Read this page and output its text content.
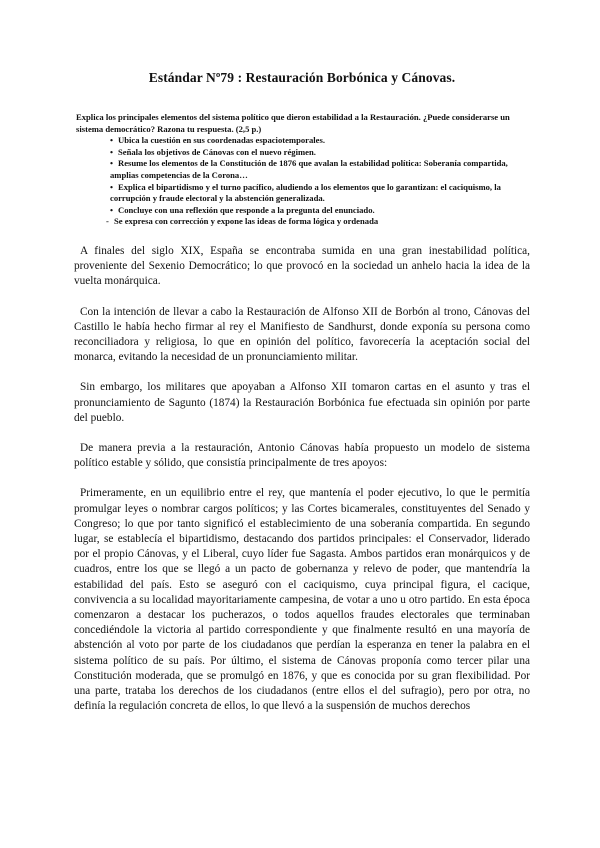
Estándar Nº79 : Restauración Borbónica y Cánovas.

Explica los principales elementos del sistema político que dieron estabilidad a la Restauración. ¿Puede considerarse un sistema democrático? Razona tu respuesta. (2,5 p.)

• Ubica la cuestión en sus coordenadas espaciotemporales.
• Señala los objetivos de Cánovas con el nuevo régimen.
• Resume los elementos de la Constitución de 1876 que avalan la estabilidad política: Soberanía compartida, amplias competencias de la Corona…
• Explica el bipartidismo y el turno pacífico, aludiendo a los elementos que lo garantizan: el caciquismo, la corrupción y fraude electoral y la abstención generalizada.
• Concluye con una reflexión que responde a la pregunta del enunciado.
- Se expresa con corrección y expone las ideas de forma lógica y ordenada

A finales del siglo XIX, España se encontraba sumida en una gran inestabilidad política, proveniente del Sexenio Democrático; lo que provocó en la sociedad un anhelo hacia la idea de la vuelta monárquica.

Con la intención de llevar a cabo la Restauración de Alfonso XII de Borbón al trono, Cánovas del Castillo le había hecho firmar al rey el Manifiesto de Sandhurst, donde exponía su persona como reconciliadora y religiosa, lo que en opinión del político, favorecería la aceptación social del monarca, evitando la necesidad de un pronunciamiento militar.

Sin embargo, los militares que apoyaban a Alfonso XII tomaron cartas en el asunto y tras el pronunciamiento de Sagunto (1874) la Restauración Borbónica fue efectuada sin opinión por parte del pueblo.

De manera previa a la restauración, Antonio Cánovas había propuesto un modelo de sistema político estable y sólido, que consistía principalmente de tres apoyos:

Primeramente, en un equilibrio entre el rey, que mantenía el poder ejecutivo, lo que le permitía promulgar leyes o nombrar cargos políticos; y las Cortes bicamerales, constituyentes del Senado y Congreso; lo que por tanto significó el establecimiento de una soberanía compartida. En segundo lugar, se establecía el bipartidismo, destacando dos partidos principales: el Conservador, liderado por el propio Cánovas, y el Liberal, cuyo líder fue Sagasta. Ambos partidos eran monárquicos y de cuadros, entre los que se llegó a un pacto de gobernanza y relevo de poder, que mantendría la estabilidad del país. Esto se aseguró con el caciquismo, cuya principal figura, el cacique, convivencia a su localidad mayoritariamente campesina, de votar a uno u otro partido. En esta época comenzaron a destacar los pucherazos, o todos aquellos fraudes electorales que terminaban concediéndole la victoria al partido correspondiente y que finalmente resultó en una mayoría de abstención al voto por parte de los ciudadanos que perdían la esperanza en tener la palabra en el sistema político de su país. Por último, el sistema de Cánovas proponía como tercer pilar una Constitución moderada, que se promulgó en 1876, y que es conocida por su gran flexibilidad. Por una parte, trataba los derechos de los ciudadanos (entre ellos el del sufragio), pero por otra, no definía la regulación concreta de ellos, lo que llevó a la suspensión de muchos derechos
